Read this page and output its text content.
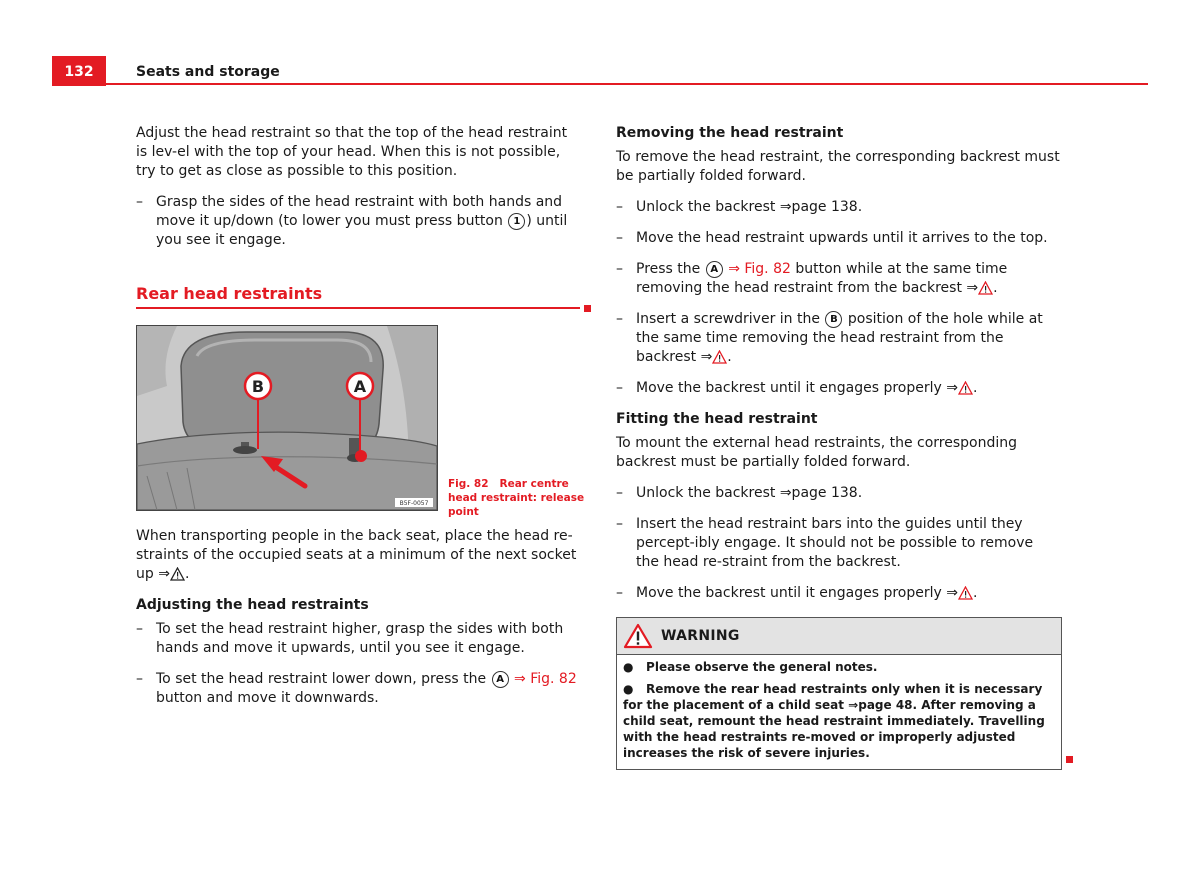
132	Seats and storage

Adjust the head restraint so that the top of the head restraint is lev-el with the top of your head. When this is not possible, try to get as close as possible to this position.

– Grasp the sides of the head restraint with both hands and move it up/down (to lower you must press button 1 ) until you see it engage.
Rear head restraints
B	A
B5F-0057
Fig. 82 Rear centre head restraint: release point

When transporting people in the back seat, place the head re-straints of the occupied seats at a minimum of the next socket up ⇒ .

Adjusting the head restraints
– To set the head restraint higher, grasp the sides with both hands and move it upwards, until you see it engage.
– To set the head restraint lower down, press the A ⇒ Fig. 82 button and move it downwards.
Removing the head restraint

To remove the head restraint, the corresponding backrest must be partially folded forward.

– Unlock the backrest ⇒page 138.
– Move the head restraint upwards until it arrives to the top.
– Press the A ⇒ Fig. 82 button while at the same time removing the head restraint from the backrest ⇒ .
– Insert a screwdriver in the B position of the hole while at the same time removing the head restraint from the backrest ⇒ .
– Move the backrest until it engages properly ⇒ .
Fitting the head restraint

To mount the external head restraints, the corresponding backrest must be partially folded forward.

– Unlock the backrest ⇒page 138.
– Insert the head restraint bars into the guides until they percept-ibly engage. It should not be possible to remove the head re-straint from the backrest.
– Move the backrest until it engages properly ⇒ .
WARNING
● Please observe the general notes.
● Remove the rear head restraints only when it is necessary for the placement of a child seat ⇒page 48. After removing a child seat, remount the head restraint immediately. Travelling with the head restraints re-moved or improperly adjusted increases the risk of severe injuries.
